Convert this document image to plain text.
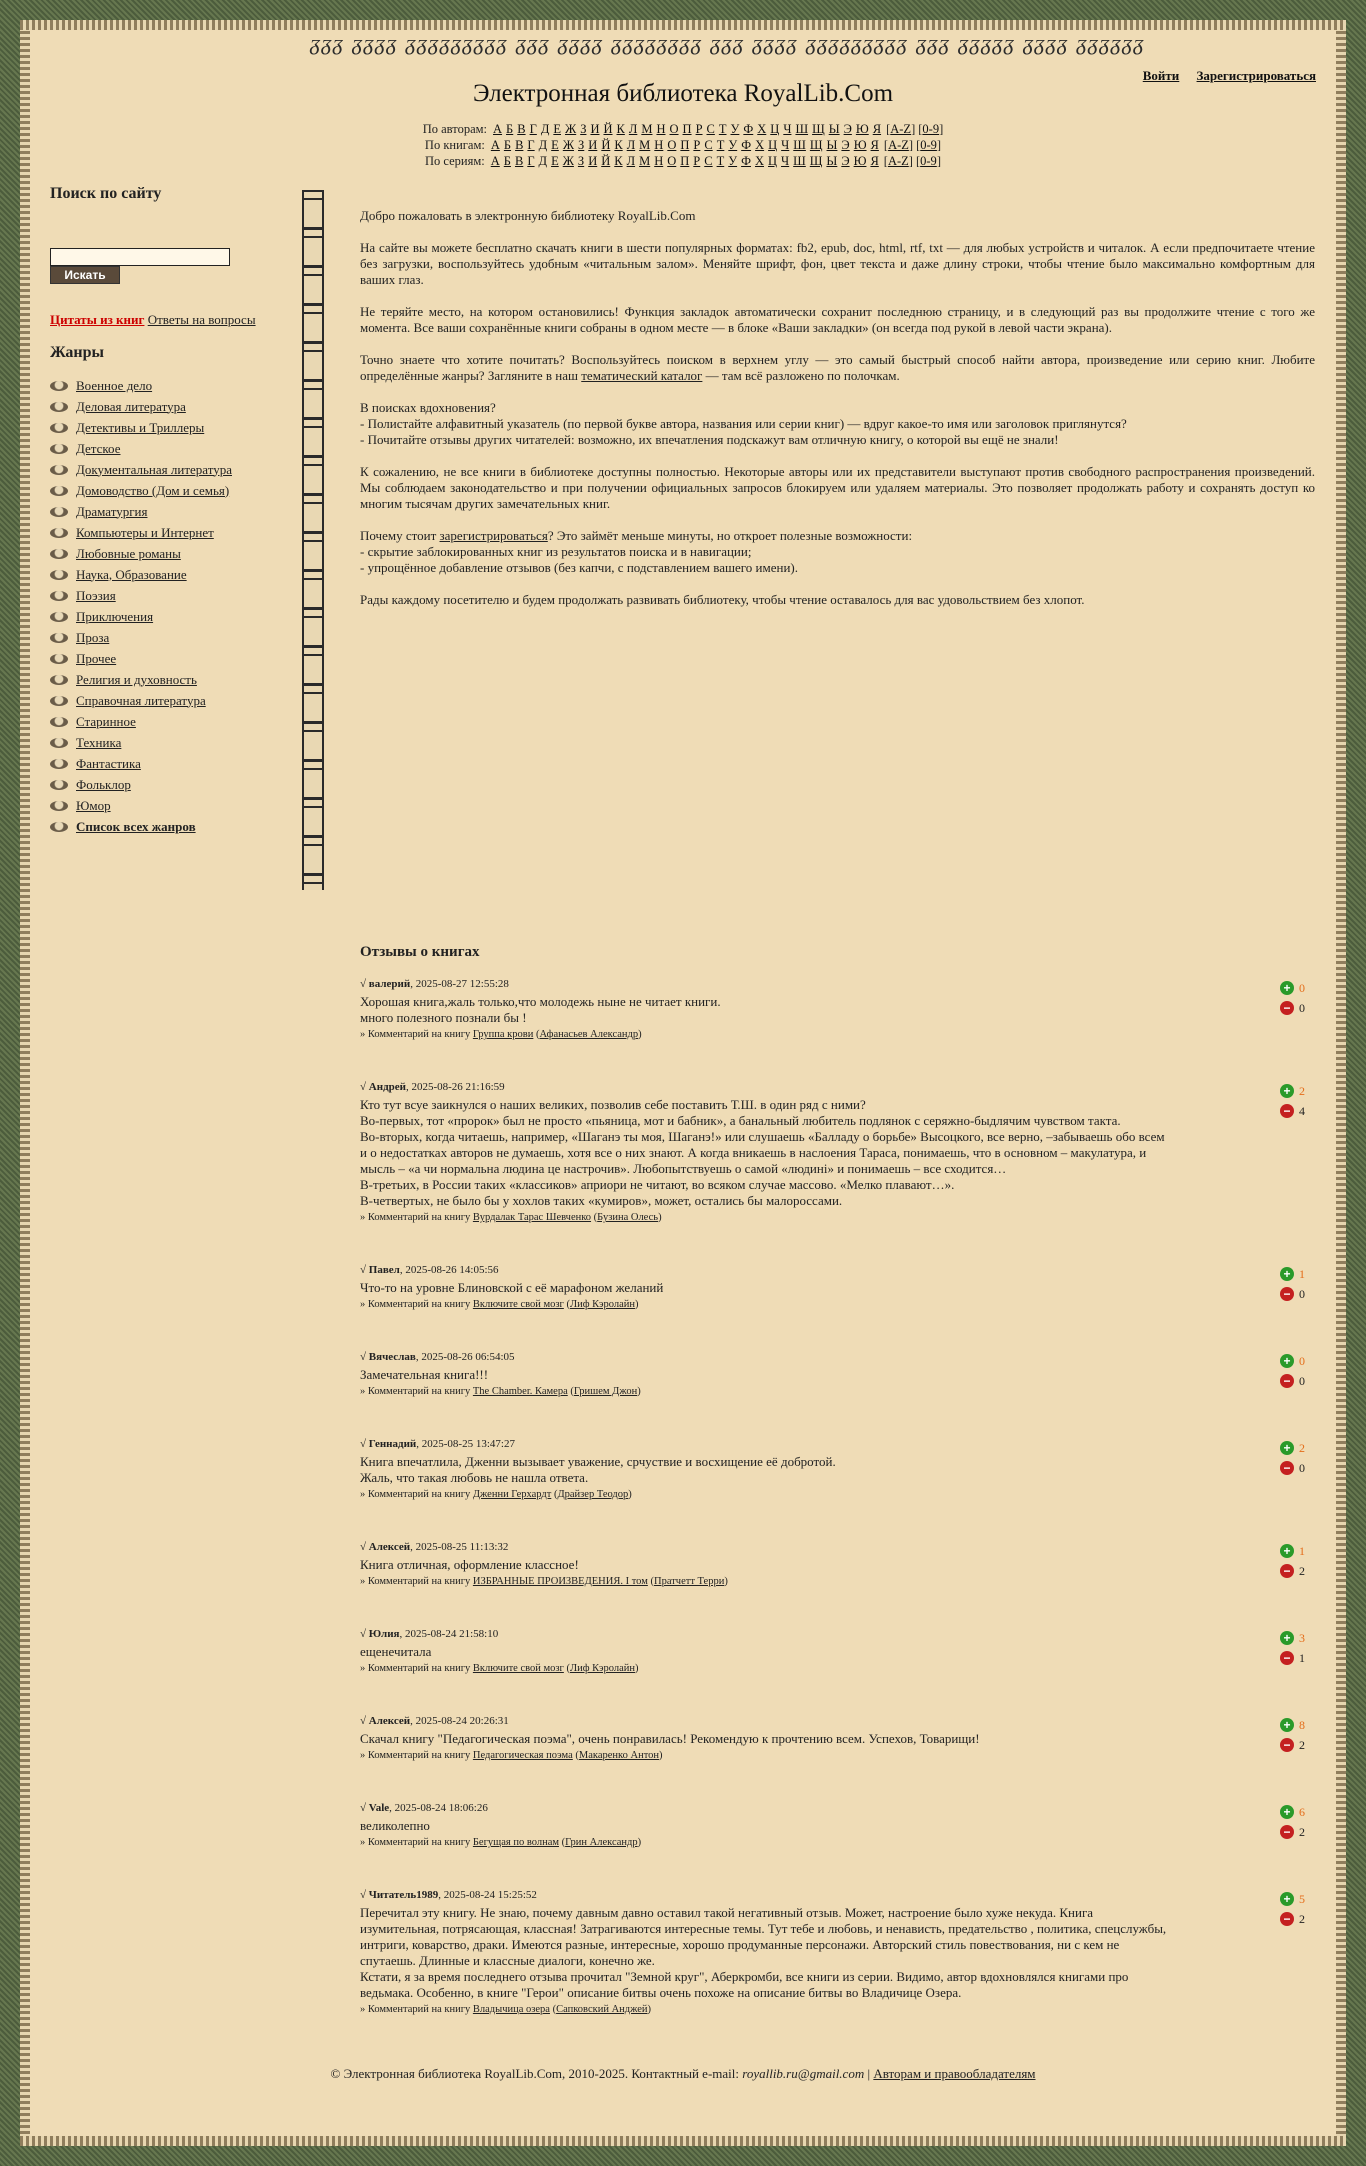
ᵹᵹᵹ ᵹᵹᵹᵹ ᵹᵹᵹᵹᵹᵹᵹᵹᵹ ᵹᵹᵹ ᵹᵹᵹᵹ ᵹᵹᵹᵹᵹᵹᵹᵹ ᵹᵹᵹ ᵹᵹᵹᵹ ᵹᵹᵹᵹᵹᵹᵹᵹᵹ ᵹᵹᵹ ᵹᵹᵹᵹᵹ ᵹᵹᵹᵹ ᵹᵹᵹᵹᵹᵹ
Электронная библиотека RoyalLib.Com
Войти Зарегистрироваться
По авторам: А Б В Г Д Е Ж З И Й К Л М Н О П Р С Т У Ф Х Ц Ч Ш Щ Ы Э Ю Я [A-Z] [0-9]
По книгам: А Б В Г Д Е Ж З И Й К Л М Н О П Р С Т У Ф Х Ц Ч Ш Щ Ы Э Ю Я [A-Z] [0-9]
По сериям: А Б В Г Д Е Ж З И Й К Л М Н О П Р С Т У Ф Х Ц Ч Ш Щ Ы Э Ю Я [A-Z] [0-9]
Поиск по сайту
Искать
Цитаты из книг Ответы на вопросы
Жанры
Военное дело
Деловая литература
Детективы и Триллеры
Детское
Документальная литература
Домоводство (Дом и семья)
Драматургия
Компьютеры и Интернет
Любовные романы
Наука, Образование
Поэзия
Приключения
Проза
Прочее
Религия и духовность
Справочная литература
Старинное
Техника
Фантастика
Фольклор
Юмор
Список всех жанров

Добро пожаловать в электронную библиотеку RoyalLib.Com

На сайте вы можете бесплатно скачать книги в шести популярных форматах: fb2, epub, doc, html, rtf, txt — для любых устройств и читалок. А если предпочитаете чтение без загрузки, воспользуйтесь удобным «читальным залом». Меняйте шрифт, фон, цвет текста и даже длину строки, чтобы чтение было максимально комфортным для ваших глаз.

Не теряйте место, на котором остановились! Функция закладок автоматически сохранит последнюю страницу, и в следующий раз вы продолжите чтение с того же момента. Все ваши сохранённые книги собраны в одном месте — в блоке «Ваши закладки» (он всегда под рукой в левой части экрана).

Точно знаете что хотите почитать? Воспользуйтесь поиском в верхнем углу — это самый быстрый способ найти автора, произведение или серию книг. Любите определённые жанры? Загляните в наш тематический каталог — там всё разложено по полочкам.

В поисках вдохновения?
- Полистайте алфавитный указатель (по первой букве автора, названия или серии книг) — вдруг какое-то имя или заголовок приглянутся?
- Почитайте отзывы других читателей: возможно, их впечатления подскажут вам отличную книгу, о которой вы ещё не знали!

К сожалению, не все книги в библиотеке доступны полностью. Некоторые авторы или их представители выступают против свободного распространения произведений. Мы соблюдаем законодательство и при получении официальных запросов блокируем или удаляем материалы. Это позволяет продолжать работу и сохранять доступ ко многим тысячам других замечательных книг.

Почему стоит зарегистрироваться? Это займёт меньше минуты, но откроет полезные возможности:
- скрытие заблокированных книг из результатов поиска и в навигации;
- упрощённое добавление отзывов (без капчи, с подставлением вашего имени).

Рады каждому посетителю и будем продолжать развивать библиотеку, чтобы чтение оставалось для вас удовольствием без хлопот.

Отзывы о книгах
√ валерий, 2025-08-27 12:55:28
Хорошая книга,жаль только,что молодежь ныне не читает книги.
много полезного познали бы !
» Комментарий на книгу Группа крови (Афанасьев Александр)
+ 0
− 0
√ Андрей, 2025-08-26 21:16:59
Кто тут всуе заикнулся о наших великих, позволив себе поставить Т.Ш. в один ряд с ними?
Во-первых, тот «пророк» был не просто «пьяница, мот и бабник», а банальный любитель подлянок с серяжно-быдлячим чувством такта.
Во-вторых, когда читаешь, например, «Шаганэ ты моя, Шаганэ!» или слушаешь «Балладу о борьбе» Высоцкого, все верно, –забываешь обо всем и о недостатках авторов не думаешь, хотя все о них знают. А когда вникаешь в наслоения Тараса, понимаешь, что в основном – макулатура, и мысль – «а чи нормальна людина це настрочив». Любопытствуешь о самой «людині» и понимаешь – все сходится…
В-третьих, в России таких «классиков» априори не читают, во всяком случае массово. «Мелко плавают…».
В-четвертых, не было бы у хохлов таких «кумиров», может, остались бы малороссами.
» Комментарий на книгу Вурдалак Тарас Шевченко (Бузина Олесь)
+ 2
− 4
√ Павел, 2025-08-26 14:05:56
Что-то на уровне Блиновской с её марафоном желаний
» Комментарий на книгу Включите свой мозг (Лиф Кэролайн)
+ 1
− 0
√ Вячеслав, 2025-08-26 06:54:05
Замечательная книга!!!
» Комментарий на книгу The Chamber. Камера (Гришем Джон)
+ 0
− 0
√ Геннадий, 2025-08-25 13:47:27
Книга впечатлила, Дженни вызывает уважение, срчуствие и восхищение её добротой.
Жаль, что такая любовь не нашла ответа.
» Комментарий на книгу Дженни Герхардт (Драйзер Теодор)
+ 2
− 0
√ Алексей, 2025-08-25 11:13:32
Книга отличная, оформление классное!
» Комментарий на книгу ИЗБРАННЫЕ ПРОИЗВЕДЕНИЯ. I том (Пратчетт Терри)
+ 1
− 2
√ Юлия, 2025-08-24 21:58:10
ещенечитала
» Комментарий на книгу Включите свой мозг (Лиф Кэролайн)
+ 3
− 1
√ Алексей, 2025-08-24 20:26:31
Скачал книгу "Педагогическая поэма", очень понравилась! Рекомендую к прочтению всем. Успехов, Товарищи!
» Комментарий на книгу Педагогическая поэма (Макаренко Антон)
+ 8
− 2
√ Vale, 2025-08-24 18:06:26
великолепно
» Комментарий на книгу Бегущая по волнам (Грин Александр)
+ 6
− 2
√ Читатель1989, 2025-08-24 15:25:52
Перечитал эту книгу. Не знаю, почему давным давно оставил такой негативный отзыв. Может, настроение было хуже некуда. Книга изумительная, потрясающая, классная! Затрагиваются интересные темы. Тут тебе и любовь, и ненависть, предательство , политика, спецслужбы, интриги, коварство, драки. Имеются разные, интересные, хорошо продуманные персонажи. Авторский стиль повествования, ни с кем не спутаешь. Длинные и классные диалоги, конечно же.
Кстати, я за время последнего отзыва прочитал "Земной круг", Аберкромби, все книги из серии. Видимо, автор вдохновлялся книгами про ведьмака. Особенно, в книге "Герои" описание битвы очень похоже на описание битвы во Владичице Озера.
» Комментарий на книгу Владычица озера (Сапковский Анджей)
+ 5
− 2
© Электронная библиотека RoyalLib.Com, 2010-2025. Контактный e-mail: royallib.ru@gmail.com | Авторам и правообладателям
